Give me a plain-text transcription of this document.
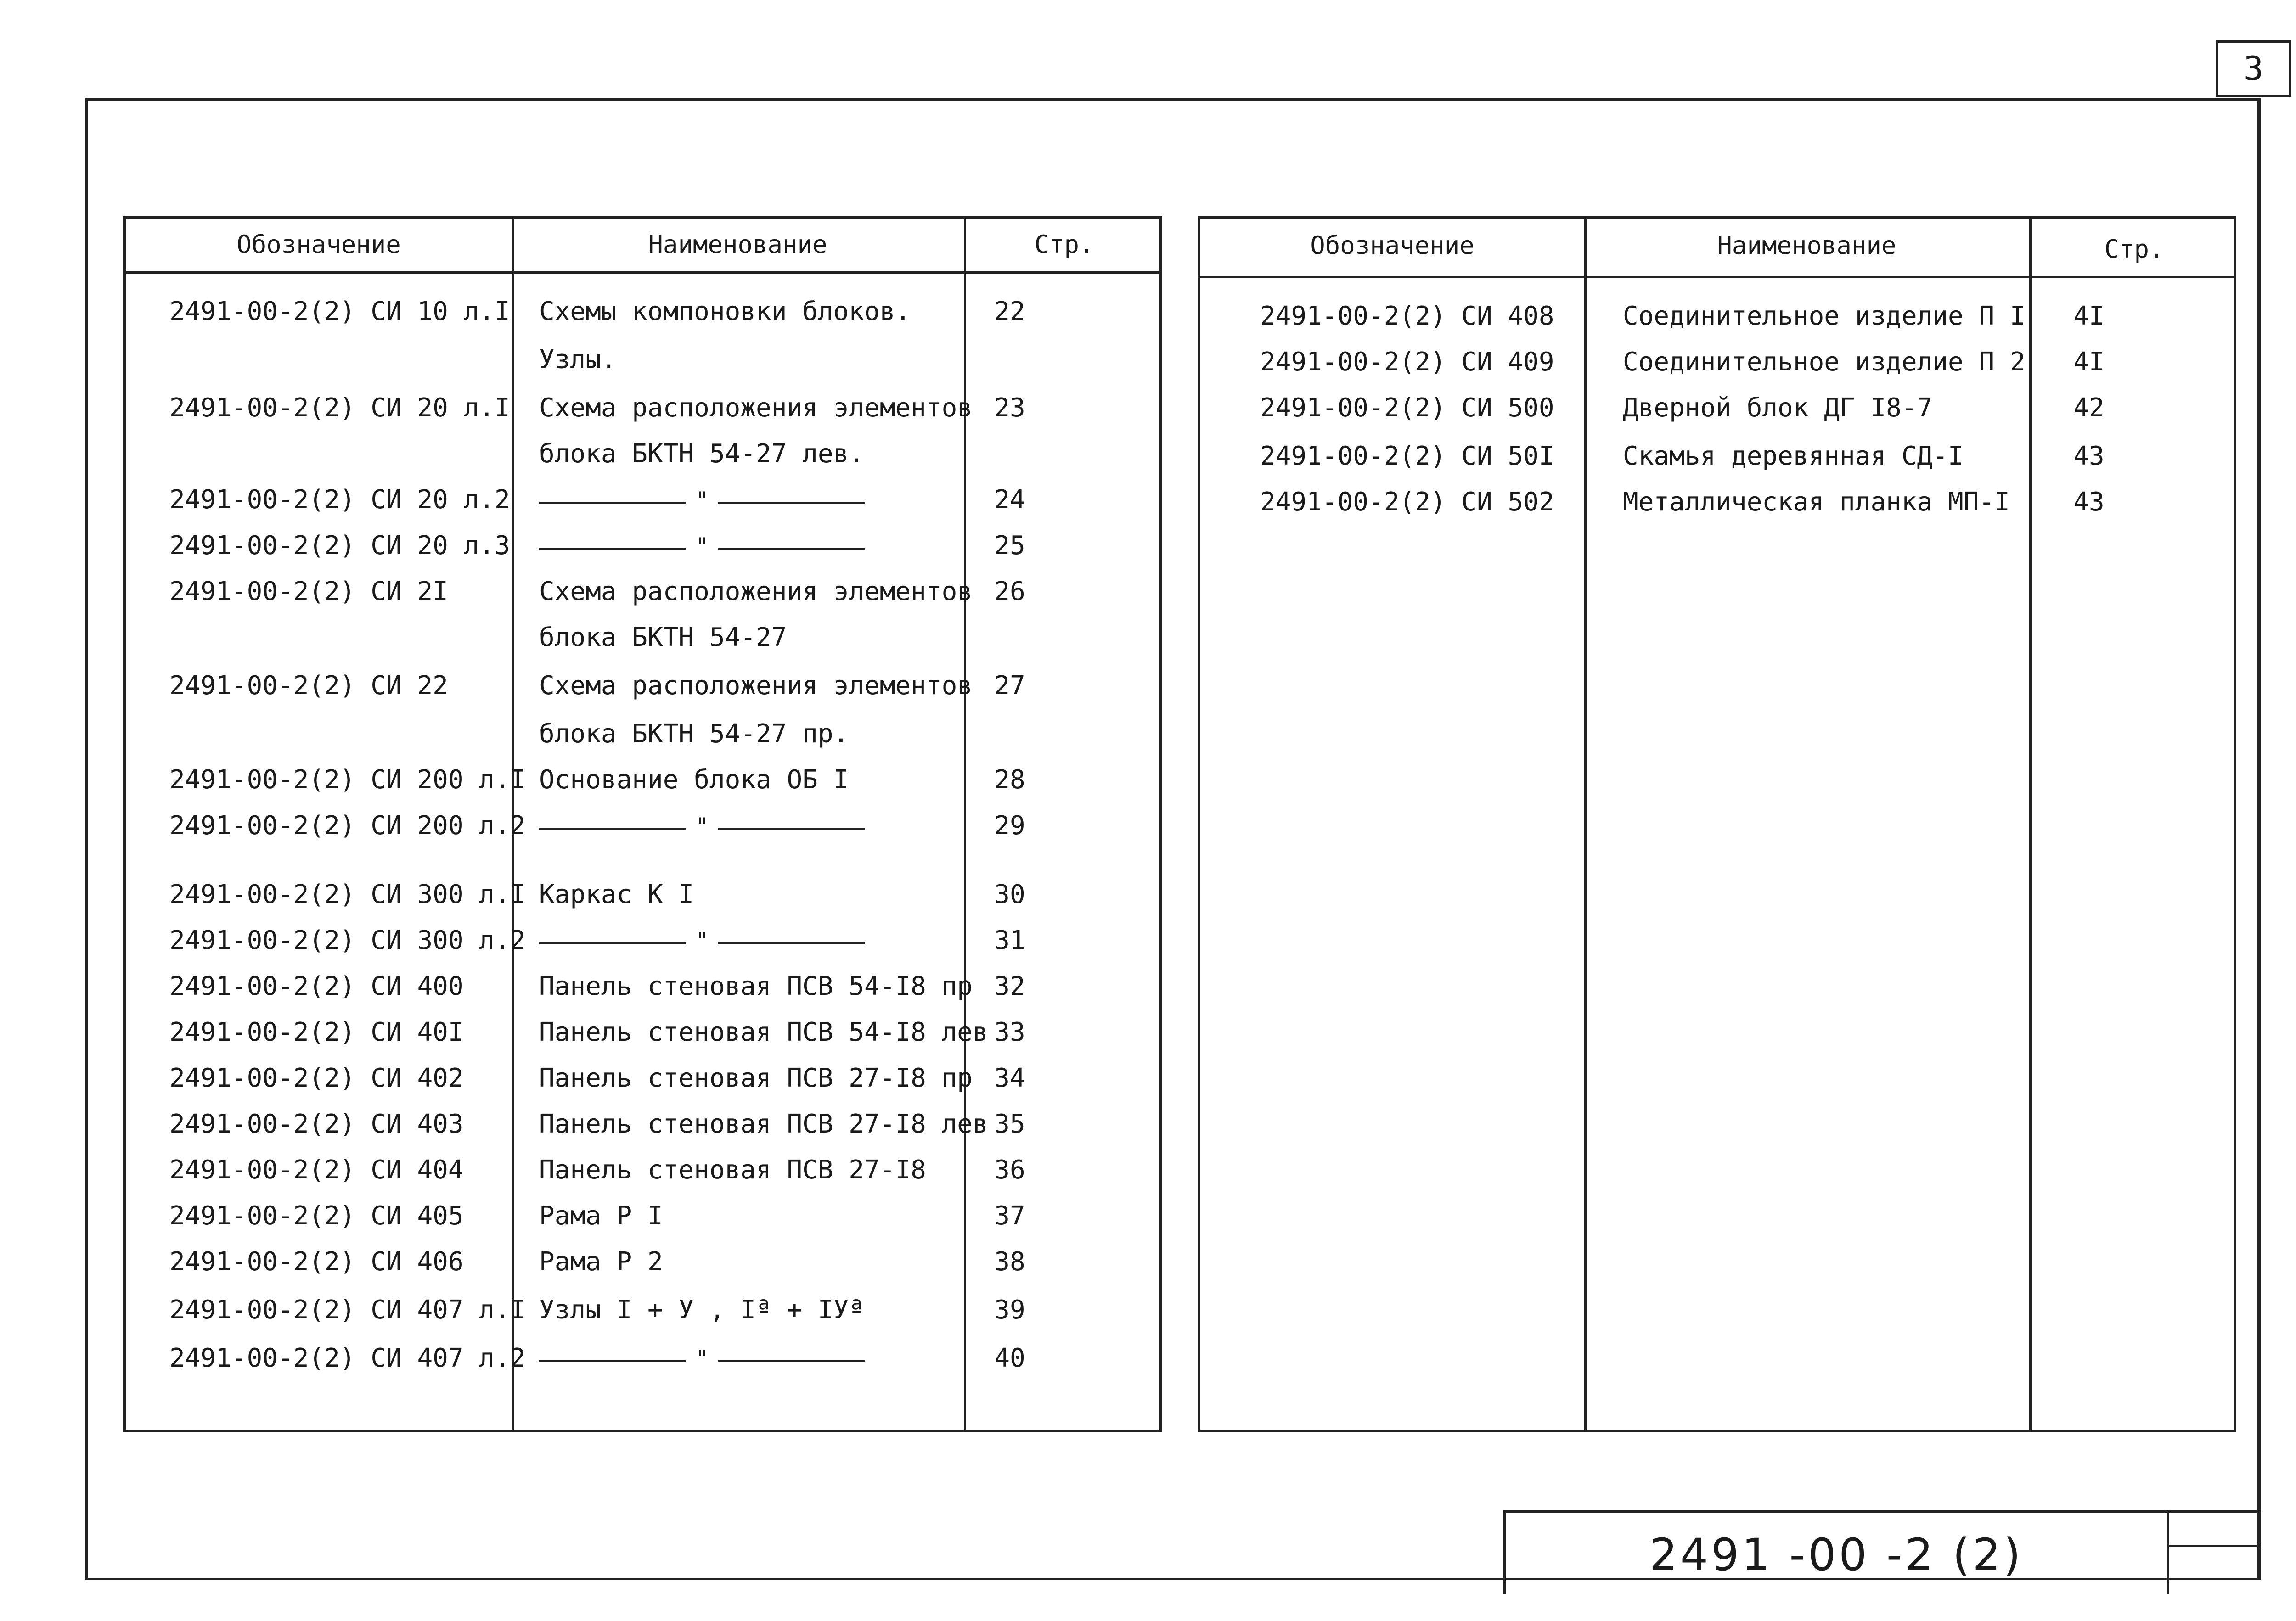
3
Обозначение	Наименование	Стр.
2491-00-2(2) СИ 10 л.I Схемы компоновки блоков.	22
Узлы.
2491-00-2(2) СИ 20 л.I Схема расположения элементов 23
блока БКТН 54-27 лев.
2491-00-2(2) СИ 20 л.2	"	24
2491-00-2(2) СИ 20 л.3	"	25
2491-00-2(2) СИ 2I	Схема расположения элементов 26
блока БКТН 54-27
2491-00-2(2) СИ 22	Схема расположения элементов 27
блока БКТН 54-27 пр.
2491-00-2(2) СИ 200 л.I Основание блока ОБ I	28
2491-00-2(2) СИ 200 л.2	"	29
2491-00-2(2) СИ 300 л.I Каркас К I	30
2491-00-2(2) СИ 300 л.2	"	31
2491-00-2(2) СИ 400	Панель стеновая ПСВ 54-I8 пр 32
2491-00-2(2) СИ 40I	Панель стеновая ПСВ 54-I8 лев 33
2491-00-2(2) СИ 402	Панель стеновая ПСВ 27-I8 пр 34
2491-00-2(2) СИ 403	Панель стеновая ПСВ 27-I8 лев 35
2491-00-2(2) СИ 404	Панель стеновая ПСВ 27-I8	36
2491-00-2(2) СИ 405	Рама Р I	37
2491-00-2(2) СИ 406	Рама Р 2	38
2491-00-2(2) СИ 407 л.I Узлы I + У , Iª + IУª	39
2491-00-2(2) СИ 407 л.2	"	40
Обозначение	Наименование	Стр.
2491-00-2(2) СИ 408	Соединительное изделие П I	4I
2491-00-2(2) СИ 409	Соединительное изделие П 2	4I
2491-00-2(2) СИ 500	Дверной блок ДГ I8-7	42
2491-00-2(2) СИ 50I	Скамья деревянная СД-I	43
2491-00-2(2) СИ 502	Металлическая планка МП-I	43
2491 -00 -2 (2)
